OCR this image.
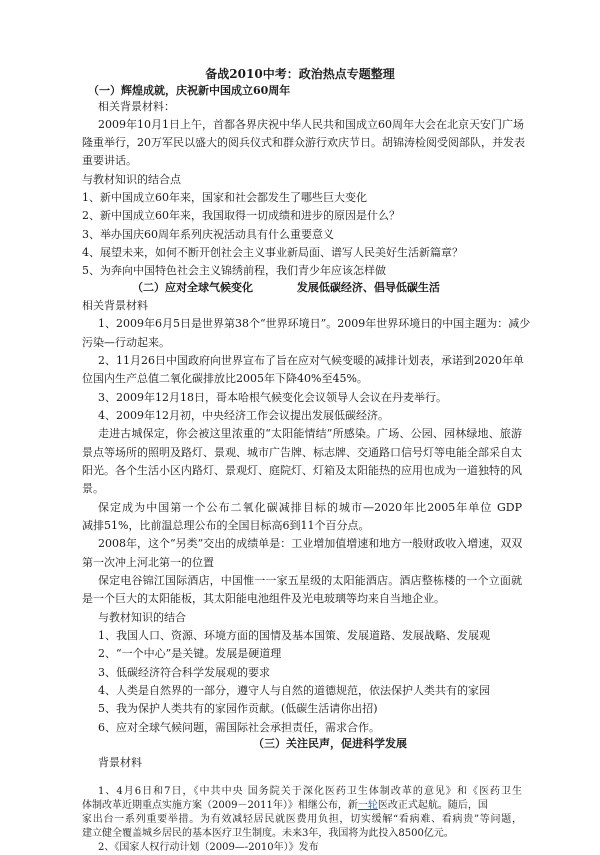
备战2010中考：政治热点专题整理

（一）辉煌成就，庆祝新中国成立60周年

相关背景材料：

2009年10月1日上午，首都各界庆祝中华人民共和国成立60周年大会在北京天安门广场

隆重举行，20万军民以盛大的阅兵仪式和群众游行欢庆节日。胡锦涛检阅受阅部队，并发表

重要讲话。

与教材知识的结合点

1、新中国成立60年来，国家和社会都发生了哪些巨大变化

2、新中国成立60年来，我国取得一切成绩和进步的原因是什么？

3、举办国庆60周年系列庆祝活动具有什么重要意义

4、展望未来，如何不断开创社会主义事业新局面、谱写人民美好生活新篇章？

5、为奔向中国特色社会主义锦绣前程，我们青少年应该怎样做

（二）应对全球气候变化	发展低碳经济、倡导低碳生活

相关背景材料

1、2009年6月5日是世界第38个“世界环境日”。2009年世界环境日的中国主题为：减少

污染—行动起来。

2、11月26日中国政府向世界宣布了旨在应对气候变暖的减排计划表，承诺到2020年单

位国内生产总值二氧化碳排放比2005年下降40%至45%。

3、2009年12月18日，哥本哈根气候变化会议领导人会议在丹麦举行。

4、2009年12月初，中央经济工作会议提出发展低碳经济。

走进古城保定，你会被这里浓重的“太阳能情结”所感染。广场、公园、园林绿地、旅游

景点等场所的照明及路灯、景观、城市广告牌、标志牌、交通路口信号灯等电能全部采自太

阳光。各个生活小区内路灯、景观灯、庭院灯、灯箱及太阳能热的应用也成为一道独特的风

景。

保定成为中国第一个公布二氧化碳减排目标的城市—2020年比2005年单位 GDP

减排51%，比前温总理公布的全国目标高6到11个百分点。

2008年，这个“另类”交出的成绩单是：工业增加值增速和地方一般财政收入增速，双双

第一次冲上河北第一的位置

保定电谷锦江国际酒店，中国惟一一家五星级的太阳能酒店。酒店整栋楼的一个立面就

是一个巨大的太阳能板，其太阳能电池组件及光电玻璃等均来自当地企业。

与教材知识的结合

1、我国人口、资源、环境方面的国情及基本国策、发展道路、发展战略、发展观

2、“一个中心”是关键。发展是硬道理

3、低碳经济符合科学发展观的要求

4、人类是自然界的一部分，遵守人与自然的道德规范，依法保护人类共有的家园

5、我为保护人类共有的家园作贡献。(低碳生活请你出招)

6、应对全球气候问题，需国际社会承担责任，需求合作。

（三）关注民声，促进科学发展

背景材料

1、4月6日和7日，《中共中央 国务院关于深化医药卫生体制改革的意见》和《医药卫生

体制改革近期重点实施方案（2009－2011年）》相继公布，新一轮医改正式起航。随后，国

家出台一系列重要举措。为有效减轻居民就医费用负担，切实缓解“看病难、看病贵”等问题，

建立健全覆盖城乡居民的基本医疗卫生制度。未来3年，我国将为此投入8500亿元。

2、《国家人权行动计划（2009—-2010年）》发布
